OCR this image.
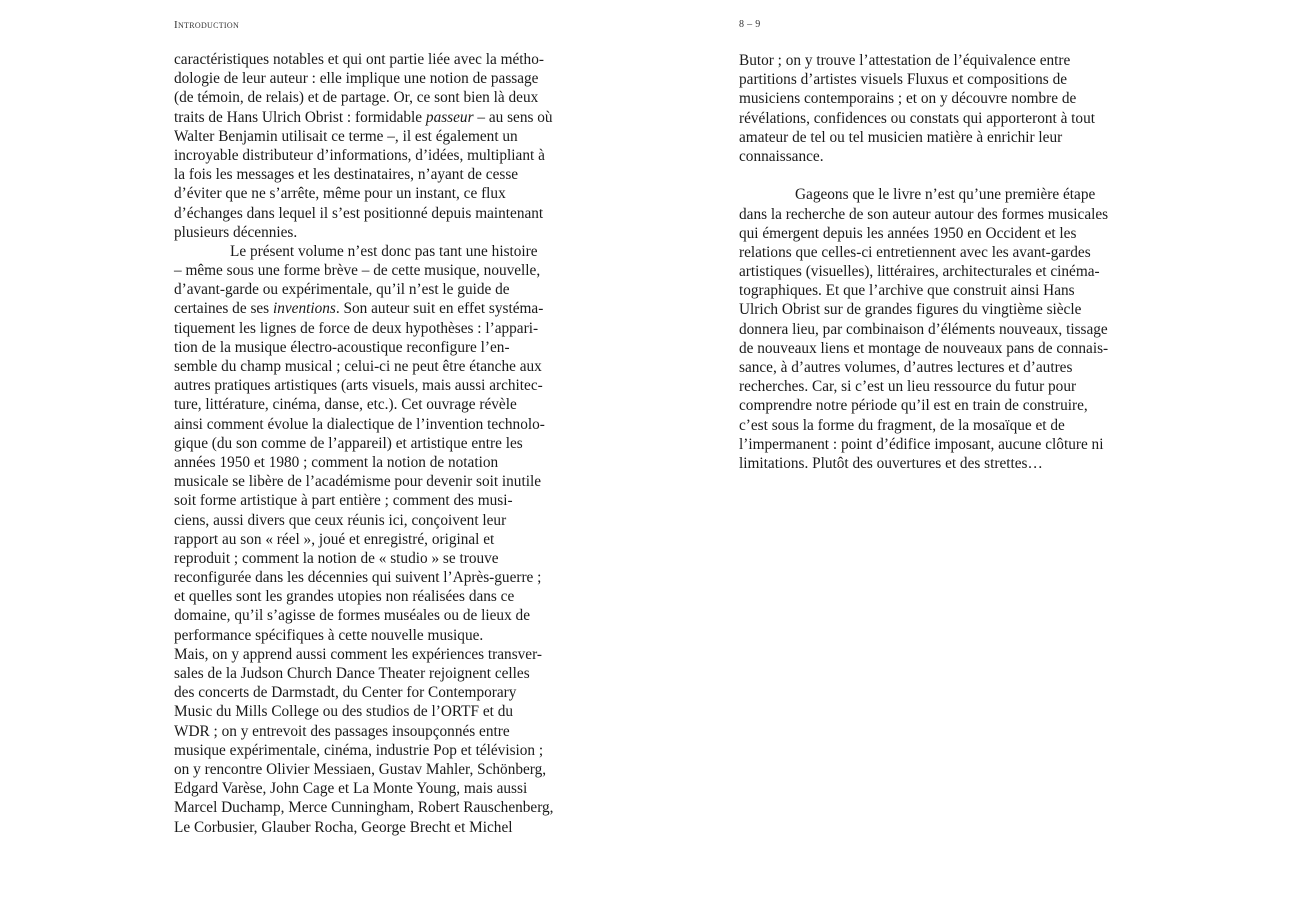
Introduction	8 – 9
caractéristiques notables et qui ont partie liée avec la métho-
dologie de leur auteur : elle implique une notion de passage
(de témoin, de relais) et de partage. Or, ce sont bien là deux
traits de Hans Ulrich Obrist : formidable passeur – au sens où
Walter Benjamin utilisait ce terme –, il est également un
incroyable distributeur d’informations, d’idées, multipliant à
la fois les messages et les destinataires, n’ayant de cesse
d’éviter que ne s’arrête, même pour un instant, ce flux
d’échanges dans lequel il s’est positionné depuis maintenant
plusieurs décennies.
Le présent volume n’est donc pas tant une histoire
– même sous une forme brève – de cette musique, nouvelle,
d’avant-garde ou expérimentale, qu’il n’est le guide de
certaines de ses inventions. Son auteur suit en effet systéma-
tiquement les lignes de force de deux hypothèses : l’appari-
tion de la musique électro-acoustique reconfigure l’en-
semble du champ musical ; celui-ci ne peut être étanche aux
autres pratiques artistiques (arts visuels, mais aussi architec-
ture, littérature, cinéma, danse, etc.). Cet ouvrage révèle
ainsi comment évolue la dialectique de l’invention technolo-
gique (du son comme de l’appareil) et artistique entre les
années 1950 et 1980 ; comment la notion de notation
musicale se libère de l’académisme pour devenir soit inutile
soit forme artistique à part entière ; comment des musi-
ciens, aussi divers que ceux réunis ici, conçoivent leur
rapport au son « réel », joué et enregistré, original et
reproduit ; comment la notion de « studio » se trouve
reconfigurée dans les décennies qui suivent l’Après-guerre ;
et quelles sont les grandes utopies non réalisées dans ce
domaine, qu’il s’agisse de formes muséales ou de lieux de
performance spécifiques à cette nouvelle musique.
Mais, on y apprend aussi comment les expériences transver-
sales de la Judson Church Dance Theater rejoignent celles
des concerts de Darmstadt, du Center for Contemporary
Music du Mills College ou des studios de l’ORTF et du
WDR ; on y entrevoit des passages insoupçonnés entre
musique expérimentale, cinéma, industrie Pop et télévision ;
on y rencontre Olivier Messiaen, Gustav Mahler, Schönberg,
Edgard Varèse, John Cage et La Monte Young, mais aussi
Marcel Duchamp, Merce Cunningham, Robert Rauschenberg,
Le Corbusier, Glauber Rocha, George Brecht et Michel
Butor ; on y trouve l’attestation de l’équivalence entre
partitions d’artistes visuels Fluxus et compositions de
musiciens contemporains ; et on y découvre nombre de
révélations, confidences ou constats qui apporteront à tout
amateur de tel ou tel musicien matière à enrichir leur
connaissance.
Gageons que le livre n’est qu’une première étape
dans la recherche de son auteur autour des formes musicales
qui émergent depuis les années 1950 en Occident et les
relations que celles-ci entretiennent avec les avant-gardes
artistiques (visuelles), littéraires, architecturales et cinéma-
tographiques. Et que l’archive que construit ainsi Hans
Ulrich Obrist sur de grandes figures du vingtième siècle
donnera lieu, par combinaison d’éléments nouveaux, tissage
de nouveaux liens et montage de nouveaux pans de connais-
sance, à d’autres volumes, d’autres lectures et d’autres
recherches. Car, si c’est un lieu ressource du futur pour
comprendre notre période qu’il est en train de construire,
c’est sous la forme du fragment, de la mosaïque et de
l’impermanent : point d’édifice imposant, aucune clôture ni
limitations. Plutôt des ouvertures et des strettes…
